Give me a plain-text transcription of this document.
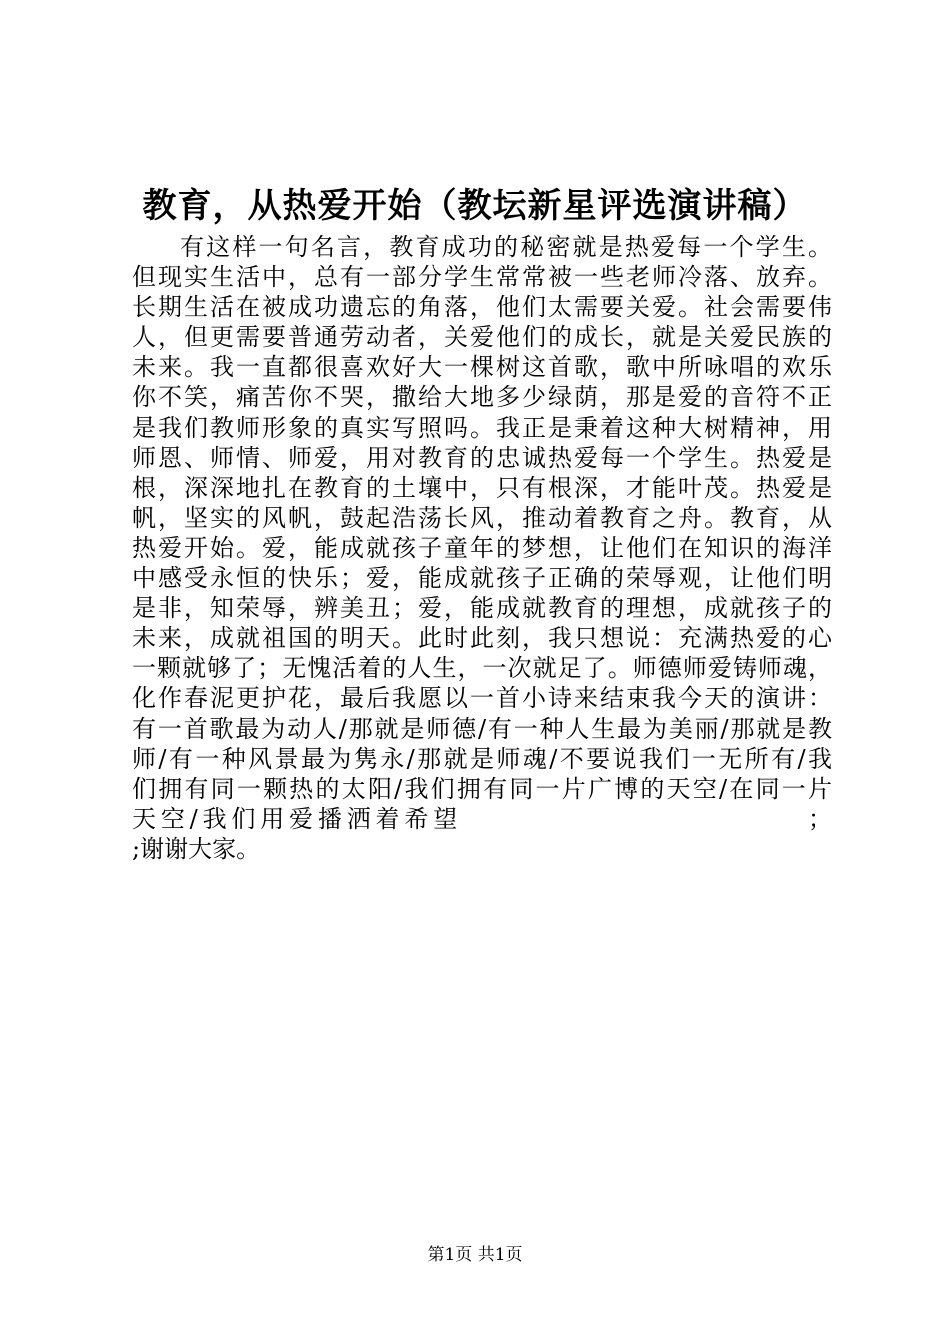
教育，从热爱开始（教坛新星评选演讲稿）
有这样一句名言，教育成功的秘密就是热爱每一个学生。
但现实生活中，总有一部分学生常常被一些老师冷落、放弃。
长期生活在被成功遗忘的角落，他们太需要关爱。社会需要伟
人，但更需要普通劳动者，关爱他们的成长，就是关爱民族的
未来。我一直都很喜欢好大一棵树这首歌，歌中所咏唱的欢乐
你不笑，痛苦你不哭，撒给大地多少绿荫，那是爱的音符不正
是我们教师形象的真实写照吗。我正是秉着这种大树精神，用
师恩、师情、师爱，用对教育的忠诚热爱每一个学生。热爱是
根，深深地扎在教育的土壤中，只有根深，才能叶茂。热爱是
帆，坚实的风帆，鼓起浩荡长风，推动着教育之舟。教育，从
热爱开始。爱，能成就孩子童年的梦想，让他们在知识的海洋
中感受永恒的快乐；爱，能成就孩子正确的荣辱观，让他们明
是非，知荣辱，辨美丑；爱，能成就教育的理想，成就孩子的
未来，成就祖国的明天。此时此刻，我只想说：充满热爱的心
一颗就够了；无愧活着的人生，一次就足了。师德师爱铸师魂，
化作春泥更护花，最后我愿以一首小诗来结束我今天的演讲：
有一首歌最为动人/那就是师德/有一种人生最为美丽/那就是教
师/有一种风景最为隽永/那就是师魂/不要说我们一无所有/我
们拥有同一颗热的太阳/我们拥有同一片广博的天空/在同一片
天空/我们用爱播洒着希望　　　　　　　　　　　　；
;谢谢大家。
第1页 共1页
